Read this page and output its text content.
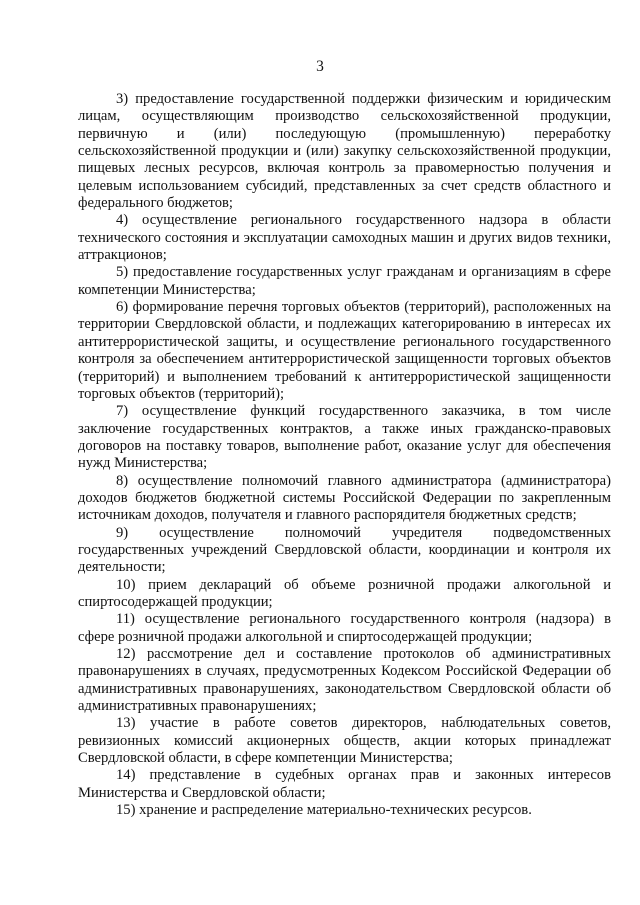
3

3) предоставление государственной поддержки физическим и юридическим лицам, осуществляющим производство сельскохозяйственной продукции, первичную и (или) последующую (промышленную) переработку сельскохозяйственной продукции и (или) закупку сельскохозяйственной продукции, пищевых лесных ресурсов, включая контроль за правомерностью получения и целевым использованием субсидий, представленных за счет средств областного и федерального бюджетов;

4) осуществление регионального государственного надзора в области технического состояния и эксплуатации самоходных машин и других видов техники, аттракционов;

5) предоставление государственных услуг гражданам и организациям в сфере компетенции Министерства;

6) формирование перечня торговых объектов (территорий), расположенных на территории Свердловской области, и подлежащих категорированию в интересах их антитеррористической защиты, и осуществление регионального государственного контроля за обеспечением антитеррористической защищенности торговых объектов (территорий) и выполнением требований к антитеррористической защищенности торговых объектов (территорий);

7) осуществление функций государственного заказчика, в том числе заключение государственных контрактов, а также иных гражданско-правовых договоров на поставку товаров, выполнение работ, оказание услуг для обеспечения нужд Министерства;

8) осуществление полномочий главного администратора (администратора) доходов бюджетов бюджетной системы Российской Федерации по закрепленным источникам доходов, получателя и главного распорядителя бюджетных средств;

9) осуществление полномочий учредителя подведомственных государственных учреждений Свердловской области, координации и контроля их деятельности;

10) прием деклараций об объеме розничной продажи алкогольной и спиртосодержащей продукции;

11) осуществление регионального государственного контроля (надзора) в сфере розничной продажи алкогольной и спиртосодержащей продукции;

12) рассмотрение дел и составление протоколов об административных правонарушениях в случаях, предусмотренных Кодексом Российской Федерации об административных правонарушениях, законодательством Свердловской области об административных правонарушениях;

13) участие в работе советов директоров, наблюдательных советов, ревизионных комиссий акционерных обществ, акции которых принадлежат Свердловской области, в сфере компетенции Министерства;

14) представление в судебных органах прав и законных интересов Министерства и Свердловской области;

15) хранение и распределение материально-технических ресурсов.
